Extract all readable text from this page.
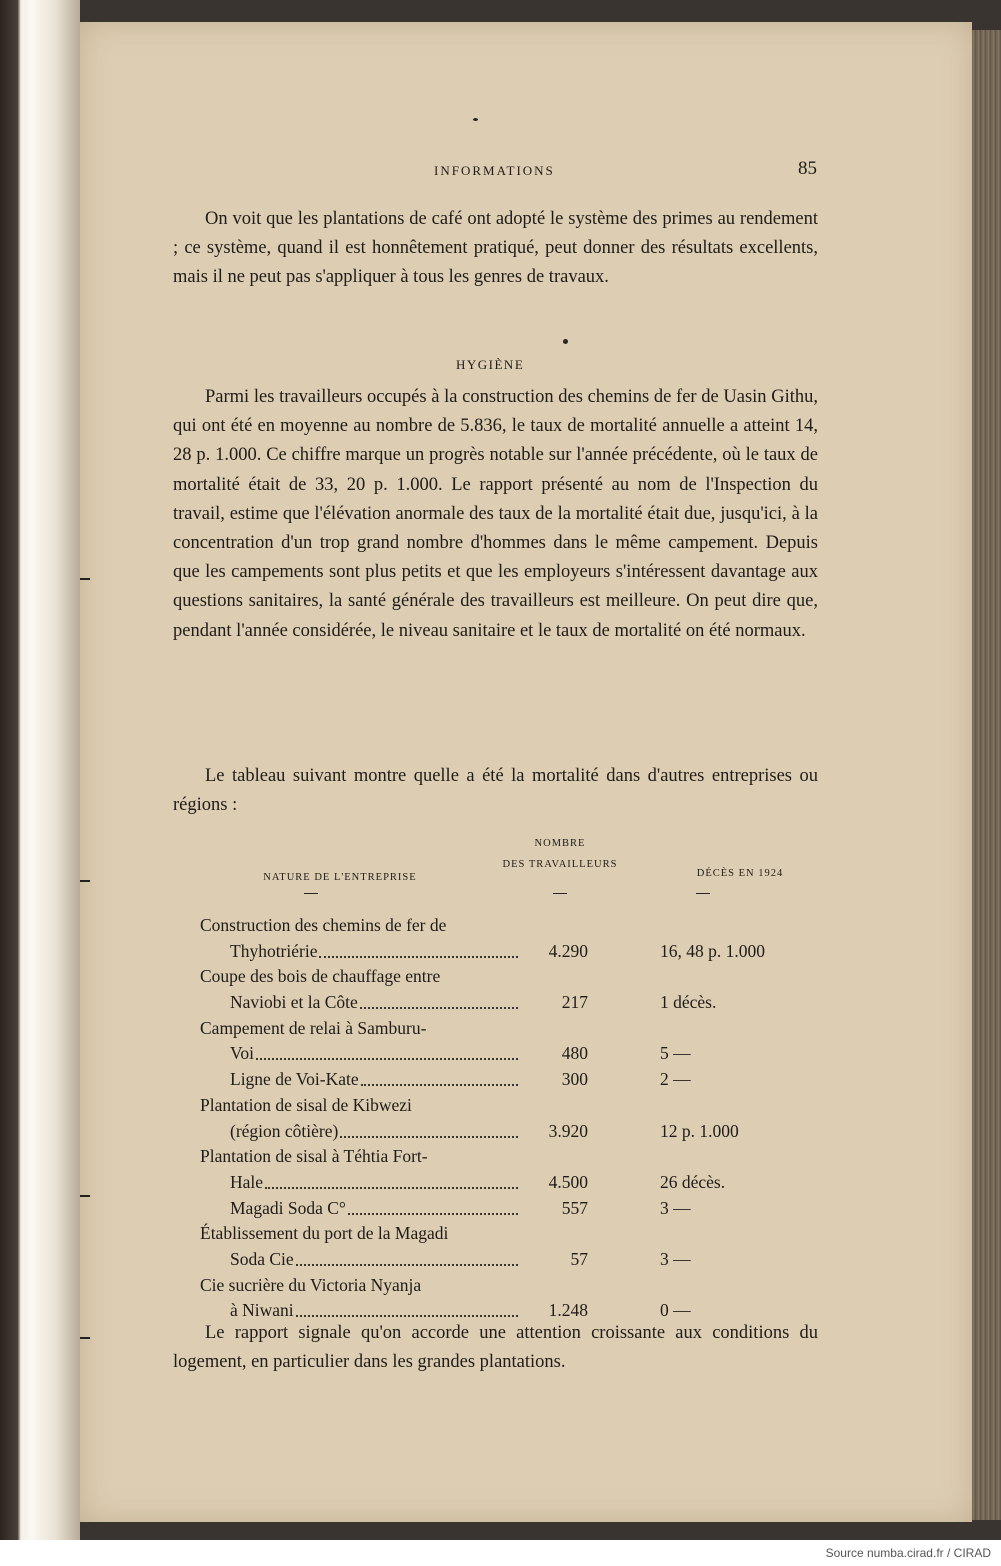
INFORMATIONS	85

On voit que les plantations de café ont adopté le système des primes au rendement ; ce système, quand il est honnêtement pratiqué, peut donner des résultats excellents, mais il ne peut pas s'appliquer à tous les genres de travaux.

HYGIÈNE

Parmi les travailleurs occupés à la construction des chemins de fer de Uasin Githu, qui ont été en moyenne au nombre de 5.836, le taux de mortalité annuelle a atteint 14, 28 p. 1.000. Ce chiffre marque un progrès notable sur l'année précédente, où le taux de mortalité était de 33, 20 p. 1.000. Le rapport présenté au nom de l'Inspection du travail, estime que l'élévation anormale des taux de la mortalité était due, jusqu'ici, à la concentration d'un trop grand nombre d'hommes dans le même campement. Depuis que les campements sont plus petits et que les employeurs s'intéressent davantage aux questions sanitaires, la santé générale des travailleurs est meilleure. On peut dire que, pendant l'année considérée, le niveau sanitaire et le taux de mortalité on été normaux.

Le tableau suivant montre quelle a été la mortalité dans d'autres entreprises ou régions :

NATURE DE L'ENTREPRISE
NOMBRE
DES TRAVAILLEURS
DÉCÈS EN 1924
Construction des chemins de fer de
Thyhotriérie	4.290	16, 48 p. 1.000
Coupe des bois de chauffage entre
Naviobi et la Côte	217	1 décès.
Campement de relai à Samburu-
Voi	480	5 —
Ligne de Voi-Kate	300	2 —
Plantation de sisal de Kibwezi
(région côtière)	3.920	12 p. 1.000
Plantation de sisal à Téhtia Fort-
Hale	4.500	26 décès.
Magadi Soda C°	557	3 —
Établissement du port de la Magadi
Soda Cie	57	3 —
Cie sucrière du Victoria Nyanja
à Niwani	1.248	0 —

Le rapport signale qu'on accorde une attention croissante aux conditions du logement, en particulier dans les grandes plantations.

Source numba.cirad.fr / CIRAD
